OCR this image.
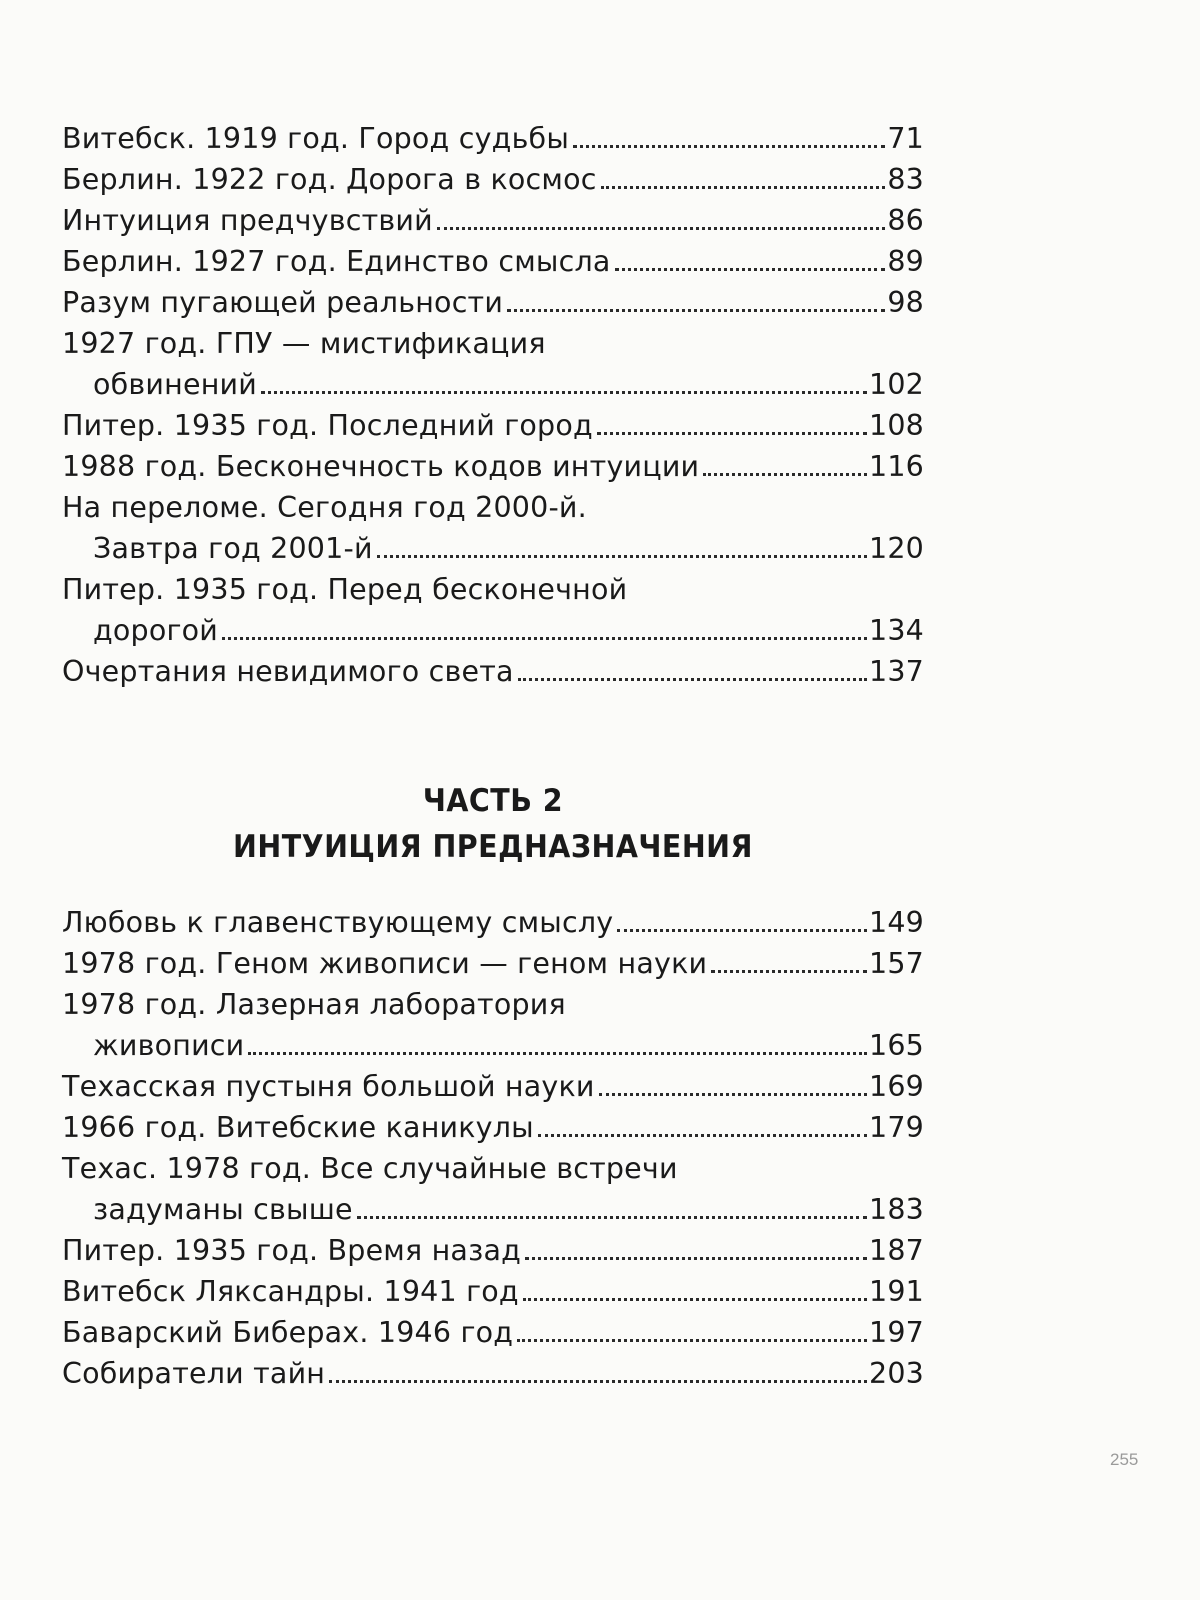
Витебск. 1919 год. Город судьбы	71
Берлин. 1922 год. Дорога в космос	83
Интуиция предчувствий	86
Берлин. 1927 год. Единство смысла	89
Разум пугающей реальности	98
1927 год. ГПУ — мистификация
обвинений	102
Питер. 1935 год. Последний город	108
1988 год. Бесконечность кодов интуиции	116
На переломе. Сегодня год 2000-й.
Завтра год 2001-й	120
Питер. 1935 год. Перед бесконечной
дорогой	134
Очертания невидимого света	137
ЧАСТЬ 2
ИНТУИЦИЯ ПРЕДНАЗНАЧЕНИЯ
Любовь к главенствующему смыслу	149
1978 год. Геном живописи — геном науки	157
1978 год. Лазерная лаборатория
живописи	165
Техасская пустыня большой науки	169
1966 год. Витебские каникулы	179
Техас. 1978 год. Все случайные встречи
задуманы свыше	183
Питер. 1935 год. Время назад	187
Витебск Ляксандры. 1941 год	191
Баварский Биберах. 1946 год	197
Собиратели тайн	203
255
